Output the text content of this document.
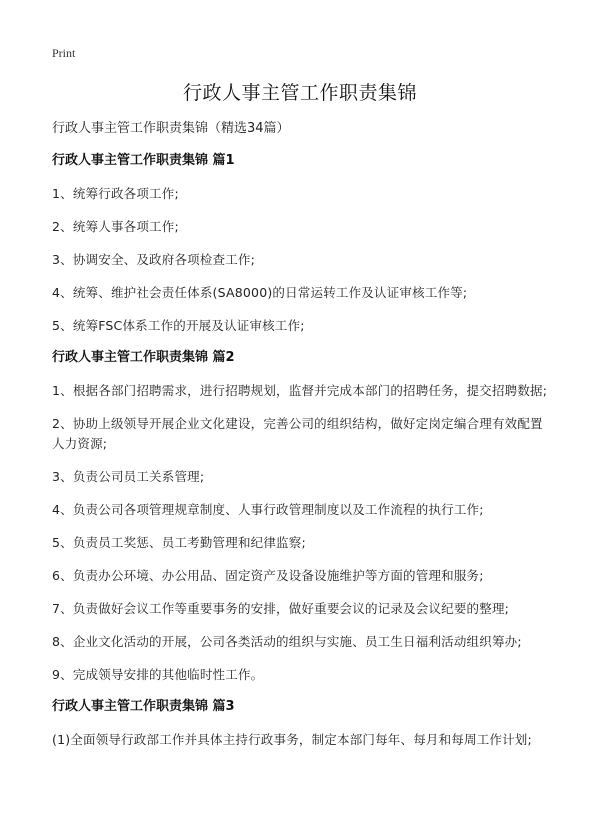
Print
行政人事主管工作职责集锦
行政人事主管工作职责集锦（精选34篇）
行政人事主管工作职责集锦 篇1
1、统筹行政各项工作;
2、统筹人事各项工作;
3、协调安全、及政府各项检查工作;
4、统筹、维护社会责任体系(SA8000)的日常运转工作及认证审核工作等;
5、统筹FSC体系工作的开展及认证审核工作;
行政人事主管工作职责集锦 篇2
1、根据各部门招聘需求，进行招聘规划，监督并完成本部门的招聘任务，提交招聘数据;
2、协助上级领导开展企业文化建设，完善公司的组织结构，做好定岗定编合理有效配置人力资源;
3、负责公司员工关系管理;
4、负责公司各项管理规章制度、人事行政管理制度以及工作流程的执行工作;
5、负责员工奖惩、员工考勤管理和纪律监察;
6、负责办公环境、办公用品、固定资产及设备设施维护等方面的管理和服务;
7、负责做好会议工作等重要事务的安排，做好重要会议的记录及会议纪要的整理;
8、企业文化活动的开展，公司各类活动的组织与实施、员工生日福利活动组织筹办;
9、完成领导安排的其他临时性工作。
行政人事主管工作职责集锦 篇3
(1)全面领导行政部工作并具体主持行政事务，制定本部门每年、每月和每周工作计划;
